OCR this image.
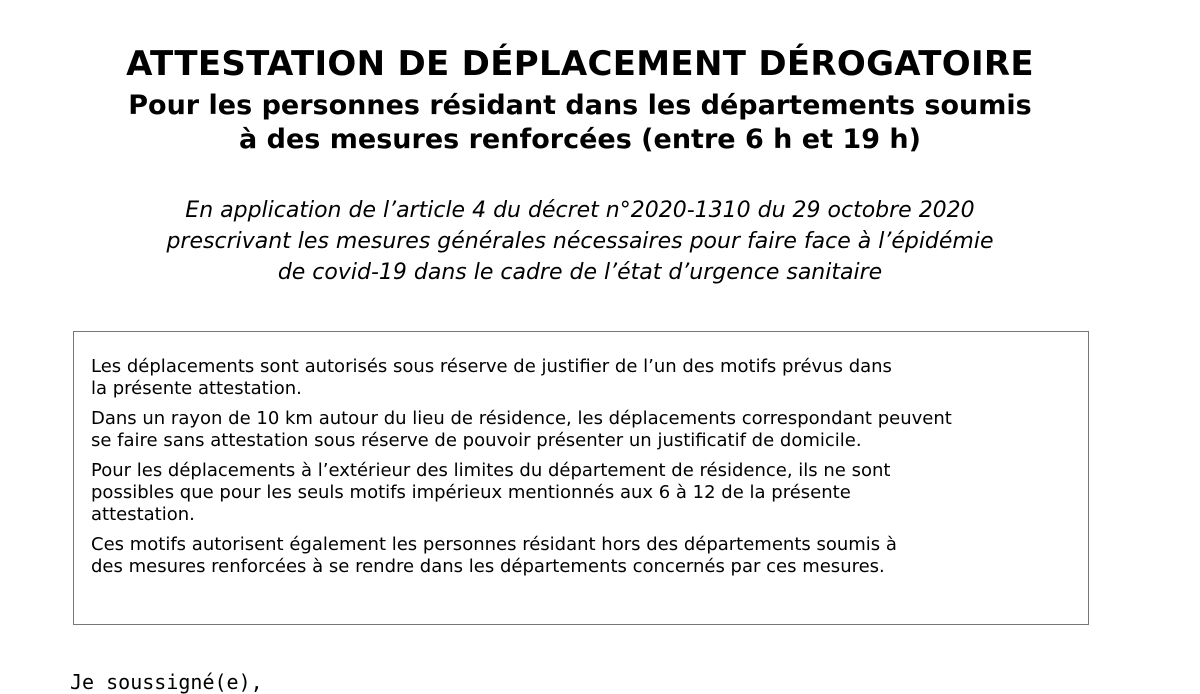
ATTESTATION DE DÉPLACEMENT DÉROGATOIRE
Pour les personnes résidant dans les départements soumis
à des mesures renforcées (entre 6 h et 19 h)
En application de l’article 4 du décret n°2020-1310 du 29 octobre 2020
prescrivant les mesures générales nécessaires pour faire face à l’épidémie
de covid-19 dans le cadre de l’état d’urgence sanitaire

Les déplacements sont autorisés sous réserve de justifier de l’un des motifs prévus dans
la présente attestation.

Dans un rayon de 10 km autour du lieu de résidence, les déplacements correspondant peuvent
se faire sans attestation sous réserve de pouvoir présenter un justificatif de domicile.

Pour les déplacements à l’extérieur des limites du département de résidence, ils ne sont
possibles que pour les seuls motifs impérieux mentionnés aux 6 à 12 de la présente
attestation.

Ces motifs autorisent également les personnes résidant hors des départements soumis à
des mesures renforcées à se rendre dans les départements concernés par ces mesures.

Je soussigné(e),
